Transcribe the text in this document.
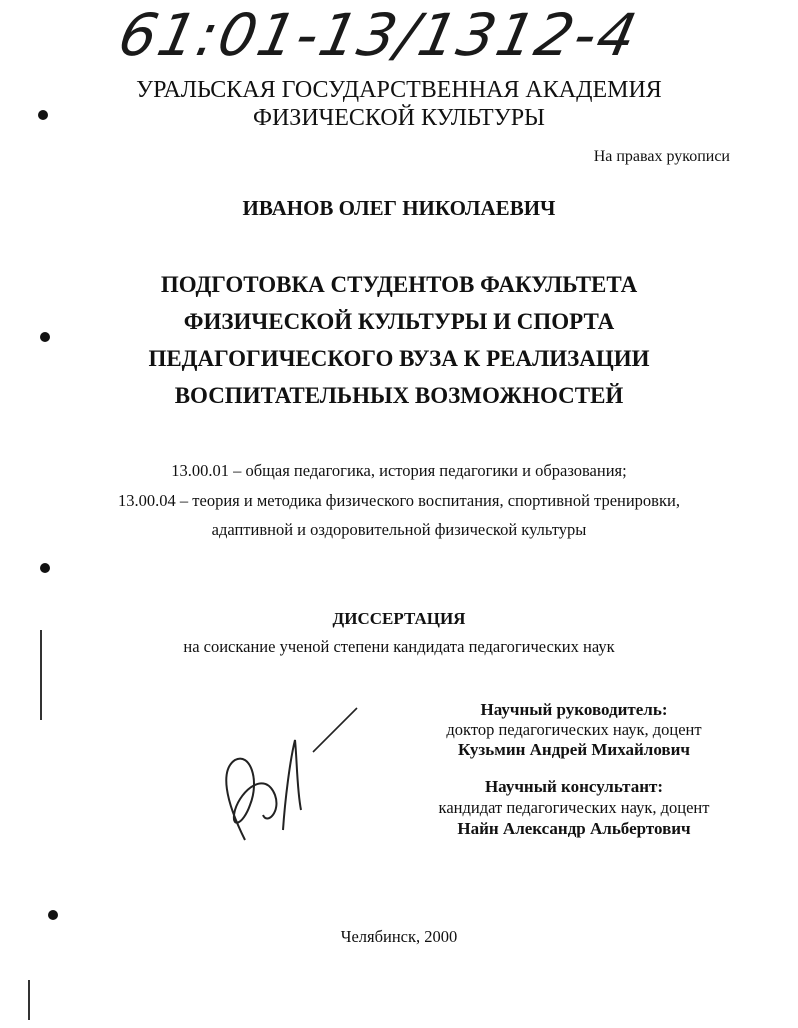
61:01-13/1312-4
УРАЛЬСКАЯ ГОСУДАРСТВЕННАЯ АКАДЕМИЯ
ФИЗИЧЕСКОЙ КУЛЬТУРЫ
На правах рукописи
ИВАНОВ ОЛЕГ НИКОЛАЕВИЧ
ПОДГОТОВКА СТУДЕНТОВ ФАКУЛЬТЕТА
ФИЗИЧЕСКОЙ КУЛЬТУРЫ И СПОРТА
ПЕДАГОГИЧЕСКОГО ВУЗА К РЕАЛИЗАЦИИ
ВОСПИТАТЕЛЬНЫХ ВОЗМОЖНОСТЕЙ
13.00.01 – общая педагогика, история педагогики и образования;
13.00.04 – теория и методика физического воспитания, спортивной тренировки,
адаптивной и оздоровительной физической культуры
ДИССЕРТАЦИЯ
на соискание ученой степени кандидата педагогических наук
Научный руководитель:
доктор педагогических наук, доцент
Кузьмин Андрей Михайлович
Научный консультант:
кандидат педагогических наук, доцент
Найн Александр Альбертович
Челябинск, 2000
